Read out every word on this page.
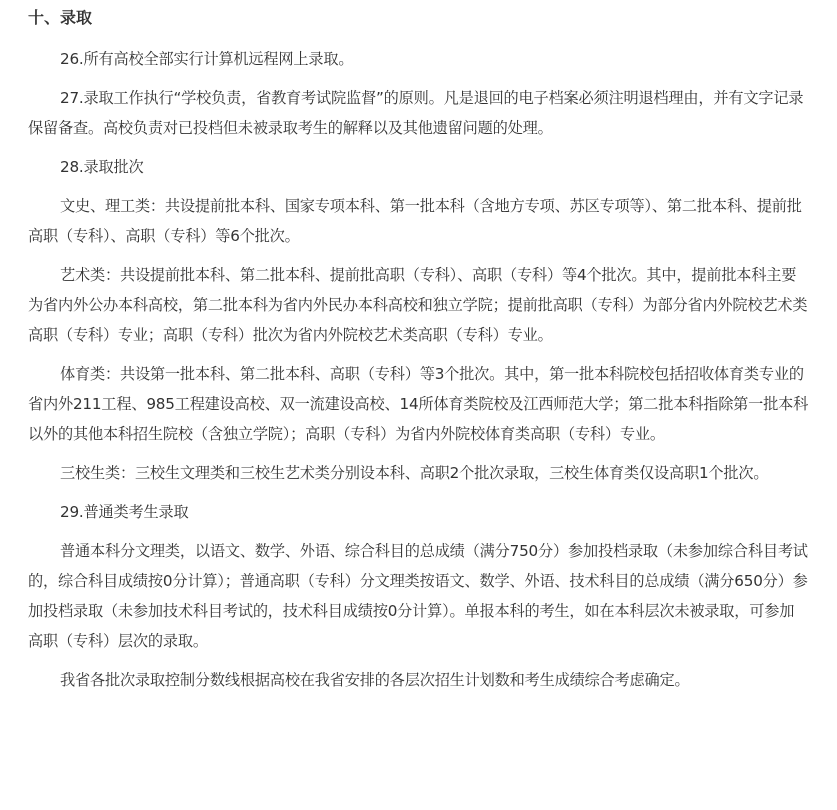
十、录取

26.所有高校全部实行计算机远程网上录取。

27.录取工作执行“学校负责，省教育考试院监督”的原则。凡是退回的电子档案必须注明退档理由，并有文字记录保留备查。高校负责对已投档但未被录取考生的解释以及其他遗留问题的处理。

28.录取批次

文史、理工类：共设提前批本科、国家专项本科、第一批本科（含地方专项、苏区专项等）、第二批本科、提前批高职（专科）、高职（专科）等6个批次。

艺术类：共设提前批本科、第二批本科、提前批高职（专科）、高职（专科）等4个批次。其中，提前批本科主要为省内外公办本科高校，第二批本科为省内外民办本科高校和独立学院；提前批高职（专科）为部分省内外院校艺术类高职（专科）专业；高职（专科）批次为省内外院校艺术类高职（专科）专业。

体育类：共设第一批本科、第二批本科、高职（专科）等3个批次。其中，第一批本科院校包括招收体育类专业的省内外211工程、985工程建设高校、双一流建设高校、14所体育类院校及江西师范大学；第二批本科指除第一批本科以外的其他本科招生院校（含独立学院）；高职（专科）为省内外院校体育类高职（专科）专业。

三校生类：三校生文理类和三校生艺术类分别设本科、高职2个批次录取，三校生体育类仅设高职1个批次。

29.普通类考生录取

普通本科分文理类，以语文、数学、外语、综合科目的总成绩（满分750分）参加投档录取（未参加综合科目考试的，综合科目成绩按0分计算）；普通高职（专科）分文理类按语文、数学、外语、技术科目的总成绩（满分650分）参加投档录取（未参加技术科目考试的，技术科目成绩按0分计算）。单报本科的考生，如在本科层次未被录取，可参加高职（专科）层次的录取。

我省各批次录取控制分数线根据高校在我省安排的各层次招生计划数和考生成绩综合考虑确定。
